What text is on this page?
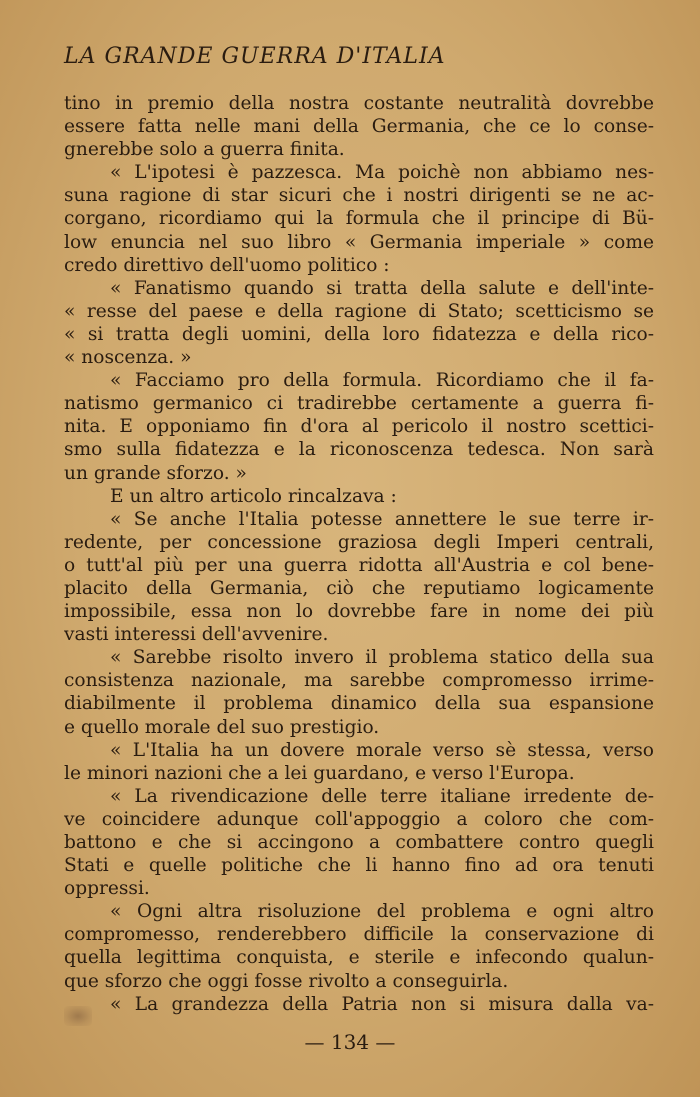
LA GRANDE GUERRA D'ITALIA
tino in premio della nostra costante neutralità dovrebbe
essere fatta nelle mani della Germania, che ce lo conse-
gnerebbe solo a guerra finita.
« L'ipotesi è pazzesca. Ma poichè non abbiamo nes-
suna ragione di star sicuri che i nostri dirigenti se ne ac-
corgano, ricordiamo qui la formula che il principe di Bü-
low enuncia nel suo libro « Germania imperiale » come
credo direttivo dell'uomo politico :
« Fanatismo quando si tratta della salute e dell'inte-
« resse del paese e della ragione di Stato; scetticismo se
« si tratta degli uomini, della loro fidatezza e della rico-
« noscenza. »
« Facciamo pro della formula. Ricordiamo che il fa-
natismo germanico ci tradirebbe certamente a guerra fi-
nita. E opponiamo fin d'ora al pericolo il nostro scettici-
smo sulla fidatezza e la riconoscenza tedesca. Non sarà
un grande sforzo. »
E un altro articolo rincalzava :
« Se anche l'Italia potesse annettere le sue terre ir-
redente, per concessione graziosa degli Imperi centrali,
o tutt'al più per una guerra ridotta all'Austria e col bene-
placito della Germania, ciò che reputiamo logicamente
impossibile, essa non lo dovrebbe fare in nome dei più
vasti interessi dell'avvenire.
« Sarebbe risolto invero il problema statico della sua
consistenza nazionale, ma sarebbe compromesso irrime-
diabilmente il problema dinamico della sua espansione
e quello morale del suo prestigio.
« L'Italia ha un dovere morale verso sè stessa, verso
le minori nazioni che a lei guardano, e verso l'Europa.
« La rivendicazione delle terre italiane irredente de-
ve coincidere adunque coll'appoggio a coloro che com-
battono e che si accingono a combattere contro quegli
Stati e quelle politiche che li hanno fino ad ora tenuti
oppressi.
« Ogni altra risoluzione del problema e ogni altro
compromesso, renderebbero difficile la conservazione di
quella legittima conquista, e sterile e infecondo qualun-
que sforzo che oggi fosse rivolto a conseguirla.
« La grandezza della Patria non si misura dalla va-
— 134 —
